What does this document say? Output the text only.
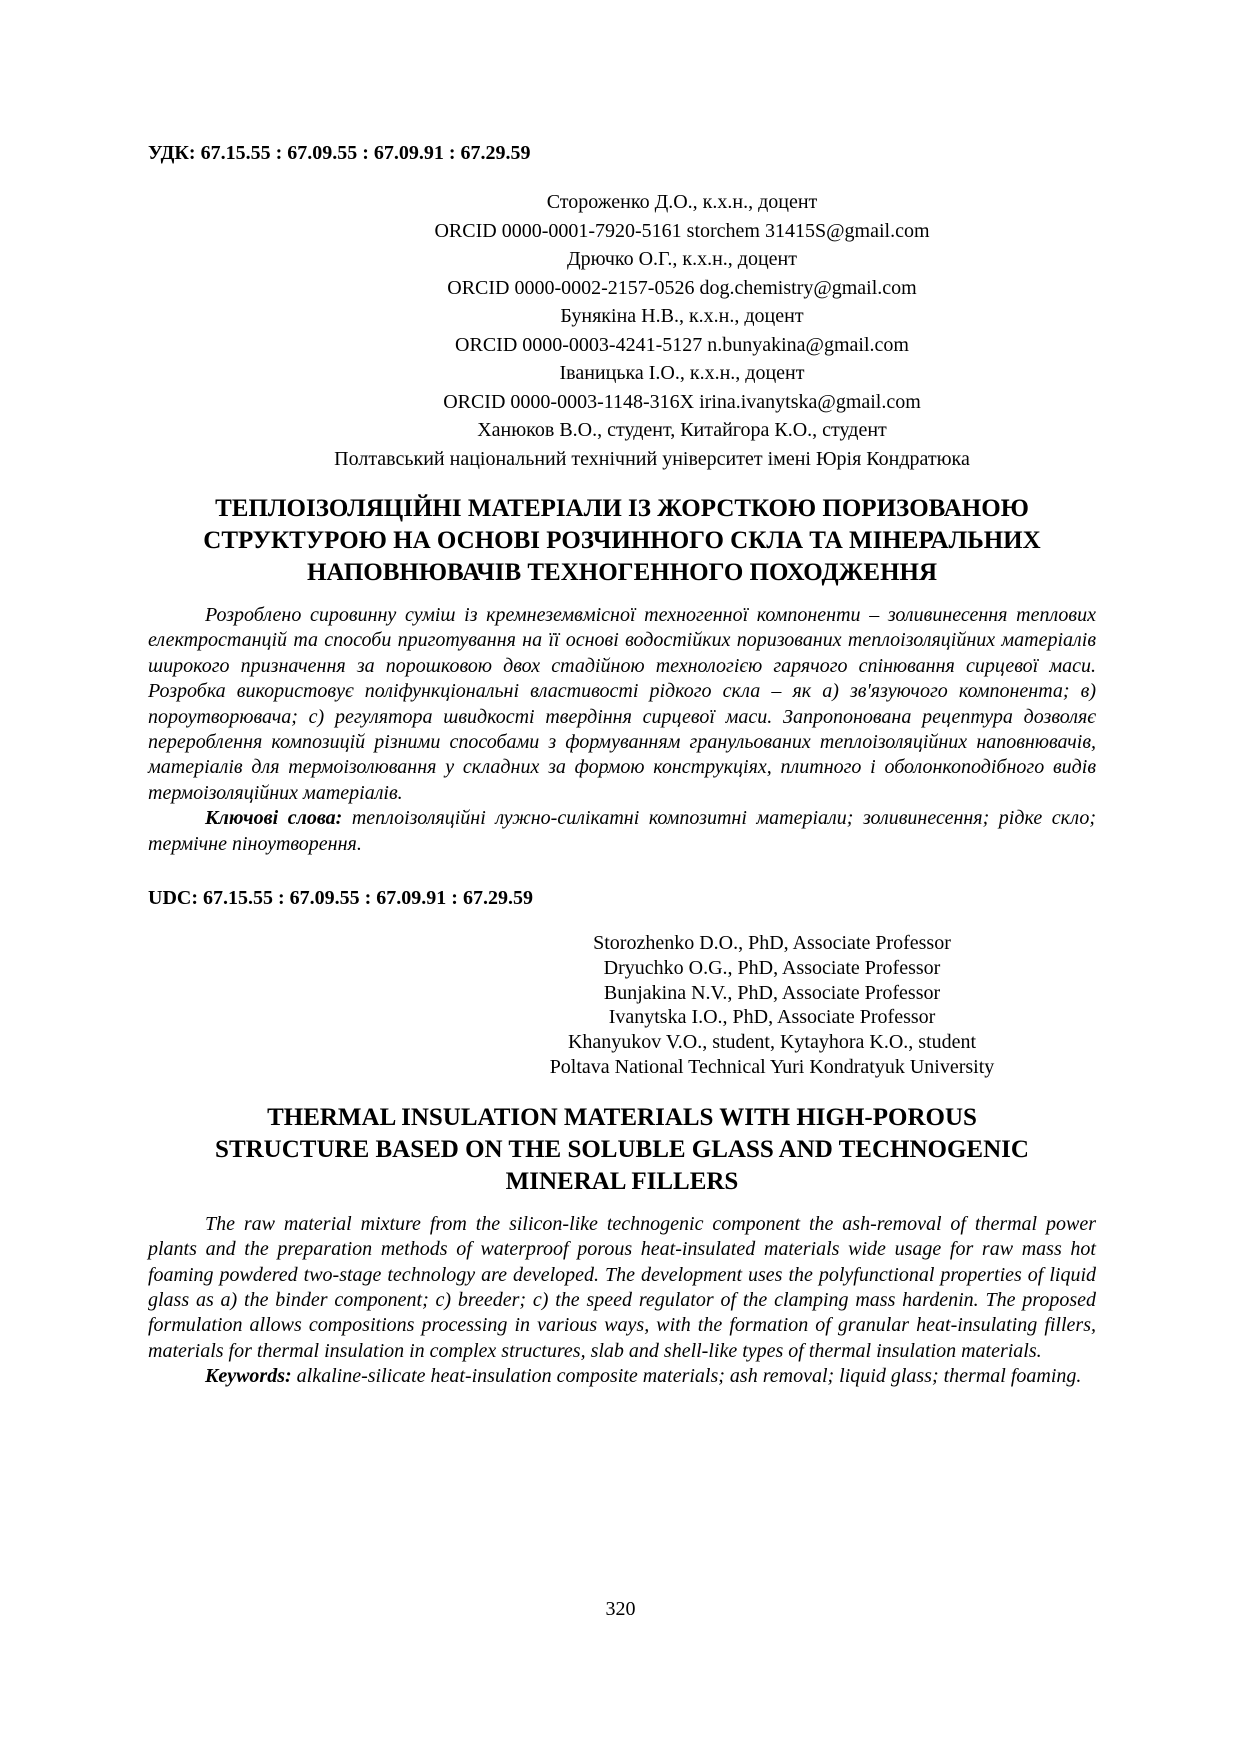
УДК: 67.15.55 : 67.09.55 : 67.09.91 : 67.29.59

Стороженко Д.О., к.х.н., доцент
ORCID 0000-0001-7920-5161 storchem 31415S@gmail.com
Дрючко О.Г., к.х.н., доцент
ORCID 0000-0002-2157-0526 dog.chemistry@gmail.com
Бунякіна Н.В., к.х.н., доцент
ORCID 0000-0003-4241-5127 n.bunyakina@gmail.com
Іваницька І.О., к.х.н., доцент
ORCID 0000-0003-1148-316X irina.ivanytska@gmail.com
Ханюков В.О., студент, Китайгора К.О., студент
Полтавський національний технічний університет імені Юрія Кондратюка
ТЕПЛОІЗОЛЯЦІЙНІ МАТЕРІАЛИ ІЗ ЖОРСТКОЮ ПОРИЗОВАНОЮ СТРУКТУРОЮ НА ОСНОВІ РОЗЧИННОГО СКЛА ТА МІНЕРАЛЬНИХ НАПОВНЮВАЧІВ ТЕХНОГЕННОГО ПОХОДЖЕННЯ

Розроблено сировинну суміш із кремнеземвмісної техногенної компоненти – золивинесення теплових електростанцій та способи приготування на її основі водостійких поризованих теплоізоляційних матеріалів широкого призначення за порошковою двох стадійною технологією гарячого спінювання сирцевої маси. Розробка використовує поліфункціональні властивості рідкого скла – як а) зв'язуючого компонента; в) пороутворювача; с) регулятора швидкості твердіння сирцевої маси. Запропонована рецептура дозволяє перероблення композицій різними способами з формуванням гранульованих теплоізоляційних наповнювачів, матеріалів для термоізолювання у складних за формою конструкціях, плитного і оболонкоподібного видів термоізоляційних матеріалів.

Ключові слова: теплоізоляційні лужно-силікатні композитні матеріали; золивинесення; рідке скло; термічне піноутворення.

UDC: 67.15.55 : 67.09.55 : 67.09.91 : 67.29.59

Storozhenko D.O., PhD, Associate Professor
Dryuchko O.G., PhD, Associate Professor
Bunjakina N.V., PhD, Associate Professor
Ivanytska I.O., PhD, Associate Professor
Khanyukov V.O., student, Kytayhora K.O., student
Poltava National Technical Yuri Kondratyuk University
THERMAL INSULATION MATERIALS WITH HIGH-POROUS STRUCTURE BASED ON THE SOLUBLE GLASS AND TECHNOGENIC MINERAL FILLERS

The raw material mixture from the silicon-like technogenic component the ash-removal of thermal power plants and the preparation methods of waterproof porous heat-insulated materials wide usage for raw mass hot foaming powdered two-stage technology are developed. The development uses the polyfunctional properties of liquid glass as a) the binder component; c) breeder; c) the speed regulator of the clamping mass hardenin. The proposed formulation allows compositions processing in various ways, with the formation of granular heat-insulating fillers, materials for thermal insulation in complex structures, slab and shell-like types of thermal insulation materials.

Keywords: alkaline-silicate heat-insulation composite materials; ash removal; liquid glass; thermal foaming.

320
